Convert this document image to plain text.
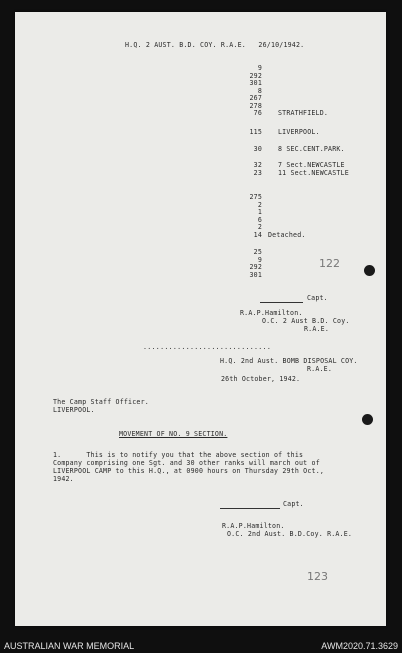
H.Q. 2 AUST. B.D. COY. R.A.E.   26/10/1942.
9
292
301
8
267
278
76 STRATHFIELD.
115 LIVERPOOL.
30 8 SEC.CENT.PARK.
32 7 Sect.NEWCASTLE
23 11 Sect.NEWCASTLE
275
2
1
6
2
14 Detached.
25
9
292
301
122
Capt.
R.A.P.Hamilton.
O.C. 2 Aust B.D. Coy.
R.A.E.
..............................
H.Q. 2nd Aust. BOMB DISPOSAL COY.
R.A.E.
26th October, 1942.
The Camp Staff Officer.
LIVERPOOL.
MOVEMENT OF NO. 9 SECTION.
1.      This is to notify you that the above section of this
Company comprising one Sgt. and 30 other ranks will march out of
LIVERPOOL CAMP to this H.Q., at 0900 hours on Thursday 29th Oct.,
1942.
Capt.
R.A.P.Hamilton.
O.C. 2nd Aust. B.D.Coy. R.A.E.
123
AUSTRALIAN WAR MEMORIAL	AWM2020.71.3629
